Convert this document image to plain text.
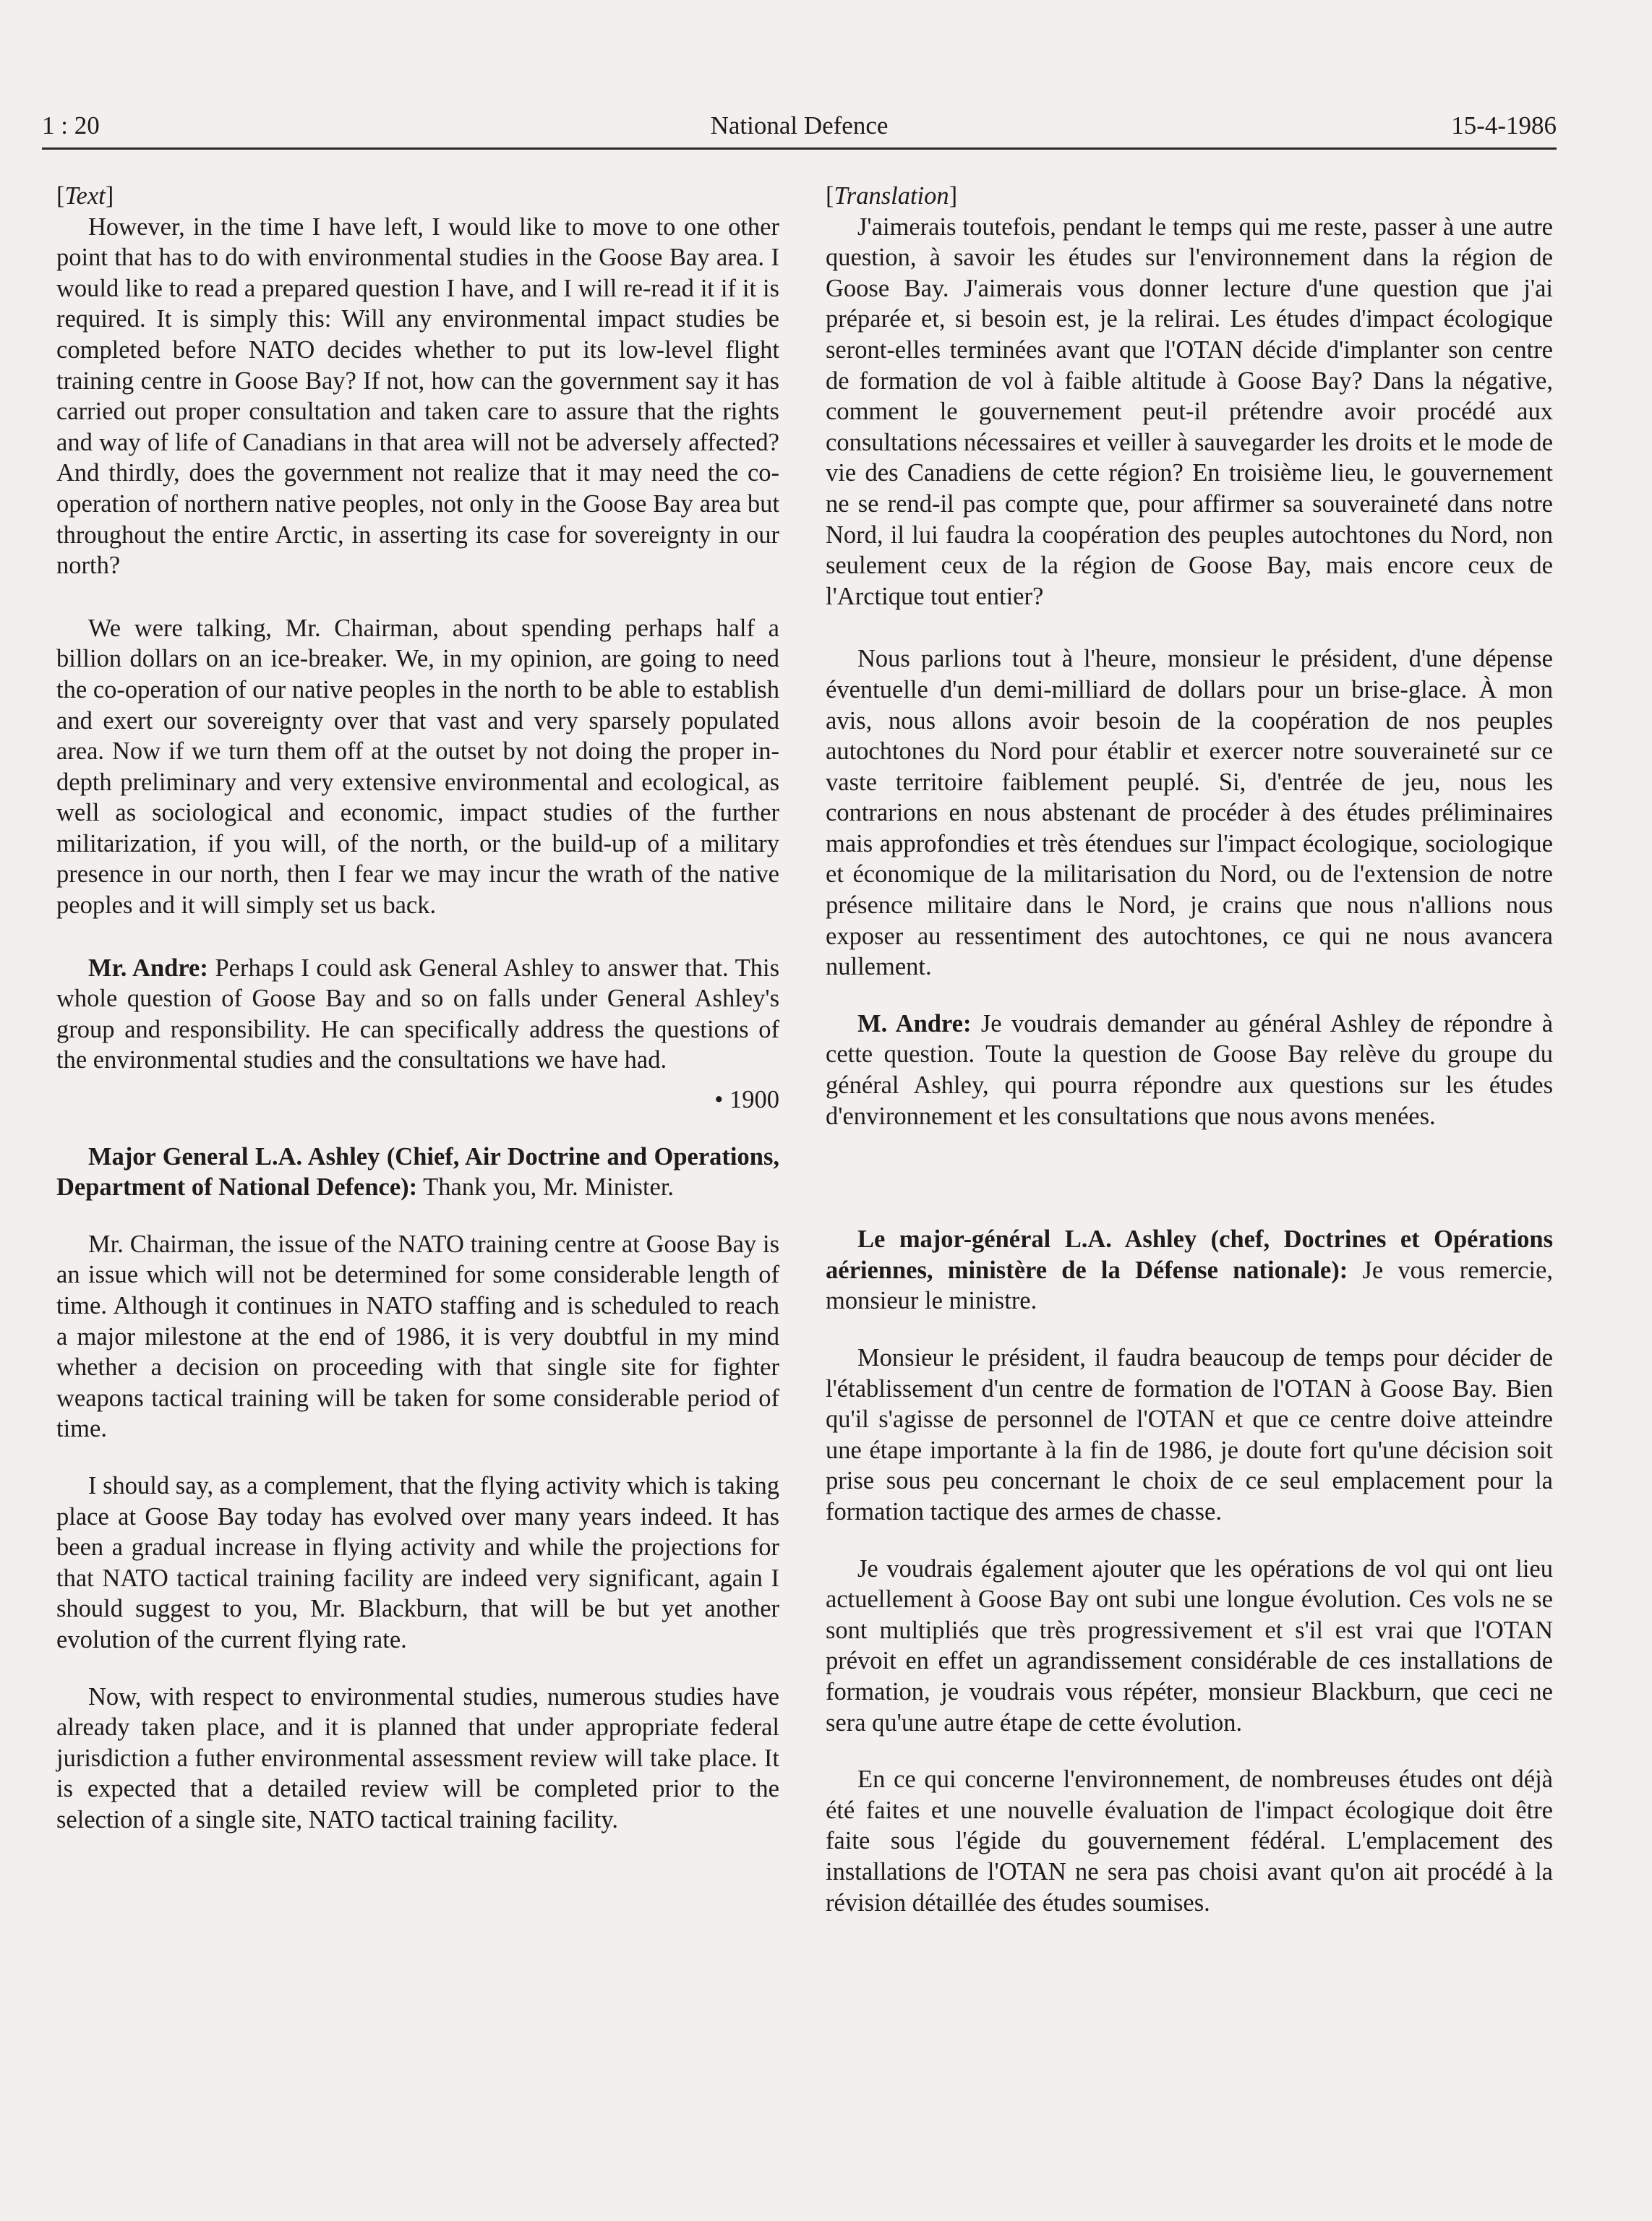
1 : 20	National Defence	15-4-1986

[Text]

However, in the time I have left, I would like to move to one other point that has to do with environmental studies in the Goose Bay area. I would like to read a prepared question I have, and I will re-read it if it is required. It is simply this: Will any environmental impact studies be completed before NATO decides whether to put its low-level flight training centre in Goose Bay? If not, how can the government say it has carried out proper consultation and taken care to assure that the rights and way of life of Canadians in that area will not be adversely affected? And thirdly, does the government not realize that it may need the co-operation of northern native peoples, not only in the Goose Bay area but throughout the entire Arctic, in asserting its case for sovereignty in our north?

We were talking, Mr. Chairman, about spending perhaps half a billion dollars on an ice-breaker. We, in my opinion, are going to need the co-operation of our native peoples in the north to be able to establish and exert our sovereignty over that vast and very sparsely populated area. Now if we turn them off at the outset by not doing the proper in-depth preliminary and very extensive environmental and ecological, as well as sociological and economic, impact studies of the further militarization, if you will, of the north, or the build-up of a military presence in our north, then I fear we may incur the wrath of the native peoples and it will simply set us back.

Mr. Andre: Perhaps I could ask General Ashley to answer that. This whole question of Goose Bay and so on falls under General Ashley's group and responsibility. He can specifically address the questions of the environmental studies and the consultations we have had.

• 1900

Major General L.A. Ashley (Chief, Air Doctrine and Operations, Department of National Defence): Thank you, Mr. Minister.

Mr. Chairman, the issue of the NATO training centre at Goose Bay is an issue which will not be determined for some considerable length of time. Although it continues in NATO staffing and is scheduled to reach a major milestone at the end of 1986, it is very doubtful in my mind whether a decision on proceeding with that single site for fighter weapons tactical training will be taken for some considerable period of time.

I should say, as a complement, that the flying activity which is taking place at Goose Bay today has evolved over many years indeed. It has been a gradual increase in flying activity and while the projections for that NATO tactical training facility are indeed very significant, again I should suggest to you, Mr. Blackburn, that will be but yet another evolution of the current flying rate.

Now, with respect to environmental studies, numerous studies have already taken place, and it is planned that under appropriate federal jurisdiction a futher environmental assessment review will take place. It is expected that a detailed review will be completed prior to the selection of a single site, NATO tactical training facility.

[Translation]

J'aimerais toutefois, pendant le temps qui me reste, passer à une autre question, à savoir les études sur l'environnement dans la région de Goose Bay. J'aimerais vous donner lecture d'une question que j'ai préparée et, si besoin est, je la relirai. Les études d'impact écologique seront-elles terminées avant que l'OTAN décide d'implanter son centre de formation de vol à faible altitude à Goose Bay? Dans la négative, comment le gouvernement peut-il prétendre avoir procédé aux consultations nécessaires et veiller à sauvegarder les droits et le mode de vie des Canadiens de cette région? En troisième lieu, le gouvernement ne se rend-il pas compte que, pour affirmer sa souveraineté dans notre Nord, il lui faudra la coopération des peuples autochtones du Nord, non seulement ceux de la région de Goose Bay, mais encore ceux de l'Arctique tout entier?

Nous parlions tout à l'heure, monsieur le président, d'une dépense éventuelle d'un demi-milliard de dollars pour un brise-glace. À mon avis, nous allons avoir besoin de la coopération de nos peuples autochtones du Nord pour établir et exercer notre souveraineté sur ce vaste territoire faiblement peuplé. Si, d'entrée de jeu, nous les contrarions en nous abstenant de procéder à des études préliminaires mais approfondies et très étendues sur l'impact écologique, sociologique et économique de la militarisation du Nord, ou de l'extension de notre présence militaire dans le Nord, je crains que nous n'allions nous exposer au ressentiment des autochtones, ce qui ne nous avancera nullement.

M. Andre: Je voudrais demander au général Ashley de répondre à cette question. Toute la question de Goose Bay relève du groupe du général Ashley, qui pourra répondre aux questions sur les études d'environnement et les consultations que nous avons menées.

Le major-général L.A. Ashley (chef, Doctrines et Opérations aériennes, ministère de la Défense nationale): Je vous remercie, monsieur le ministre.

Monsieur le président, il faudra beaucoup de temps pour décider de l'établissement d'un centre de formation de l'OTAN à Goose Bay. Bien qu'il s'agisse de personnel de l'OTAN et que ce centre doive atteindre une étape importante à la fin de 1986, je doute fort qu'une décision soit prise sous peu concernant le choix de ce seul emplacement pour la formation tactique des armes de chasse.

Je voudrais également ajouter que les opérations de vol qui ont lieu actuellement à Goose Bay ont subi une longue évolution. Ces vols ne se sont multipliés que très progressivement et s'il est vrai que l'OTAN prévoit en effet un agrandissement considérable de ces installations de formation, je voudrais vous répéter, monsieur Blackburn, que ceci ne sera qu'une autre étape de cette évolution.

En ce qui concerne l'environnement, de nombreuses études ont déjà été faites et une nouvelle évaluation de l'impact écologique doit être faite sous l'égide du gouvernement fédéral. L'emplacement des installations de l'OTAN ne sera pas choisi avant qu'on ait procédé à la révision détaillée des études soumises.
